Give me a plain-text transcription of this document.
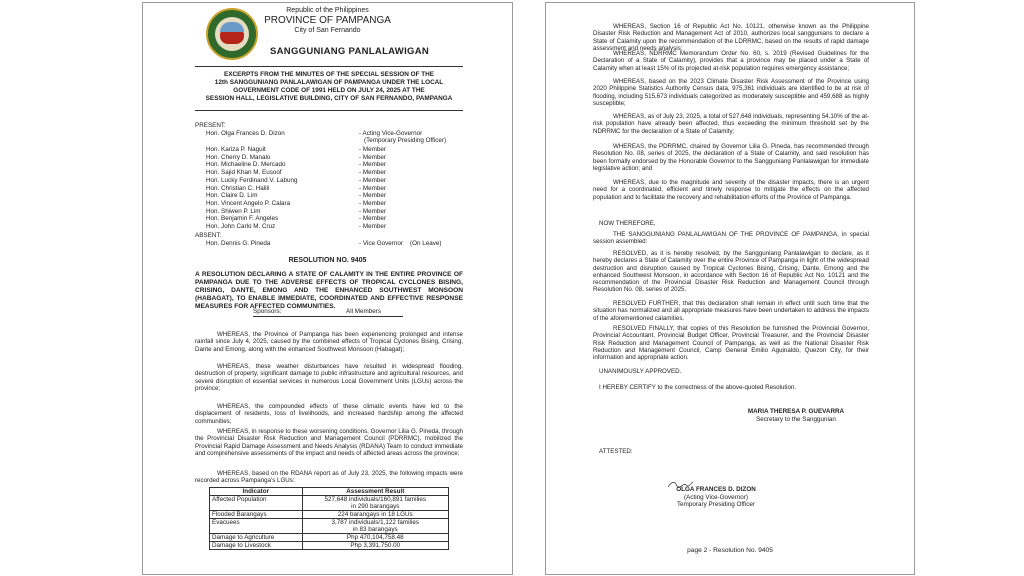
Republic of the Philippines
PROVINCE OF PAMPANGA
City of San Fernando
SANGGUNIANG PANLALAWIGAN
EXCERPTS FROM THE MINUTES OF THE SPECIAL SESSION OF THE
12th SANGGUNIANG PANLALAWIGAN OF PAMPANGA UNDER THE LOCAL
GOVERNMENT CODE OF 1991 HELD ON JULY 24, 2025 AT THE
SESSION HALL, LEGISLATIVE BUILDING, CITY OF SAN FERNANDO, PAMPANGA
PRESENT:
Hon. Olga Frances D. Dizon	- Acting Vice-Governor
(Temporary Presiding Officer)
Hon. Kariza P. Naguit	- Member
Hon. Cherry D. Manalo	- Member
Hon. Michaeline D. Mercado	- Member
Hon. Sajid Khan M. Eusoof	- Member
Hon. Lucky Ferdinand V. Labung	- Member
Hon. Christian C. Halili	- Member
Hon. Claire D. Lim	- Member
Hon. Vincent Angelo P. Calara	- Member
Hon. Shiwen P. Lim	- Member
Hon. Benjamin F. Angeles	- Member
Hon. John Carlo M. Cruz	- Member
ABSENT:
Hon. Dennis G. Pineda	- Vice Governor    (On Leave)
RESOLUTION NO. 9405
A RESOLUTION DECLARING A STATE OF CALAMITY IN THE ENTIRE PROVINCE OF PAMPANGA DUE TO THE ADVERSE EFFECTS OF TROPICAL CYCLONES BISING, CRISING, DANTE, EMONG AND THE ENHANCED SOUTHWEST MONSOON (HABAGAT), TO ENABLE IMMEDIATE, COORDINATED AND EFFECTIVE RESPONSE MEASURES FOR AFFECTED COMMUNITIES.
Sponsors:	All Members
WHEREAS, the Province of Pampanga has been experiencing prolonged and intense rainfall since July 4, 2025, caused by the combined effects of Tropical Cyclones Bising, Crising, Dante and Emong, along with the enhanced Southwest Monsoon (Habagat);
WHEREAS, these weather disturbances have resulted in widespread flooding, destruction of property, significant damage to public infrastructure and agricultural resources, and severe disruption of essential services in numerous Local Government Units (LGUs) across the province;
WHEREAS, the compounded effects of these climatic events have led to the displacement of residents, loss of livelihoods, and increased hardship among the affected communities;
WHEREAS, in response to these worsening conditions, Governor Lilia G. Pineda, through the Provincial Disaster Risk Reduction and Management Council (PDRRMC), mobilized the Provincial Rapid Damage Assessment and Needs Analysis (RDANA) Team to conduct immediate and comprehensive assessments of the impact and needs of affected areas across the province;
WHEREAS, based on the RDANA report as of July 23, 2025, the following impacts were recorded across Pampanga's LGUs:
Indicator	Assessment Result
Affected Population	527,648 individuals/160,891 families
in 290 barangays

Flooded Barangays	224 barangays in 18 LGUs
Evacuees	3,787 individuals/1,122 families
in 83 barangays

Damage to Agriculture	Php 470,104,758.48
Damage to Livestock	Php 3,391,750.00
WHEREAS, Section 16 of Republic Act No. 10121, otherwise known as the Philippine Disaster Risk Reduction and Management Act of 2010, authorizes local sanggunians to declare a State of Calamity upon the recommendation of the LDRRMC, based on the results of rapid damage assessment and needs analysis;
WHEREAS, NDRRMC Memorandum Order No. 60, s. 2019 (Revised Guidelines for the Declaration of a State of Calamity), provides that a province may be placed under a State of Calamity when at least 15% of its projected at-risk population requires emergency assistance;
WHEREAS, based on the 2023 Climate Disaster Risk Assessment of the Province using 2020 Philippine Statistics Authority Census data, 975,361 individuals are identified to be at risk of flooding, including 515,673 individuals categorized as moderately susceptible and 459,688 as highly susceptible;
WHEREAS, as of July 23, 2025, a total of 527,648 individuals, representing 54.10% of the at-risk population have already been affected, thus exceeding the minimum threshold set by the NDRRMC for the declaration of a State of Calamity;
WHEREAS, the PDRRMC, chaired by Governor Lilia G. Pineda, has recommended through Resolution No. 08, series of 2025, the declaration of a State of Calamity, and said resolution has been formally endorsed by the Honorable Governor to the Sangguniang Panlalawigan for immediate legislative action; and
WHEREAS, due to the magnitude and severity of the disaster impacts, there is an urgent need for a coordinated, efficient and timely response to mitigate the effects on the affected population and to facilitate the recovery and rehabilitation efforts of the Province of Pampanga.
NOW THEREFORE,
THE SANGGUNIANG PANLALAWIGAN OF THE PROVINCE OF PAMPANGA, in special session assembled:
RESOLVED, as it is hereby resolved, by the Sangguniang Panlalawigan to declare, as it hereby declares a State of Calamity over the entire Province of Pampanga in light of the widespread destruction and disruption caused by Tropical Cyclones Bising, Crising, Dante, Emong and the enhanced Southwest Monsoon, in accordance with Section 16 of Republic Act No. 10121 and the recommendation of the Provincial Disaster Risk Reduction and Management Council through Resolution No. 08, series of 2025.
RESOLVED FURTHER, that this declaration shall remain in effect until such time that the situation has normalized and all appropriate measures have been undertaken to address the impacts of the aforementioned calamities.
RESOLVED FINALLY, that copies of this Resolution be furnished the Provincial Governor, Provincial Accountant, Provincial Budget Officer, Provincial Treasurer, and the Provincial Disaster Risk Reduction and Management Council of Pampanga, as well as the National Disaster Risk Reduction and Management Council, Camp General Emilio Aguinaldo, Quezon City, for their information and appropriate action.
UNANIMOUSLY APPROVED.
I HEREBY CERTIFY to the correctness of the above-quoted Resolution.
MARIA THERESA P. GUEVARRA
Secretary to the Sanggunian
ATTESTED:
OLGA FRANCES D. DIZON
(Acting Vice-Governor)
Temporary Presiding Officer
page 2 - Resolution No. 9405
